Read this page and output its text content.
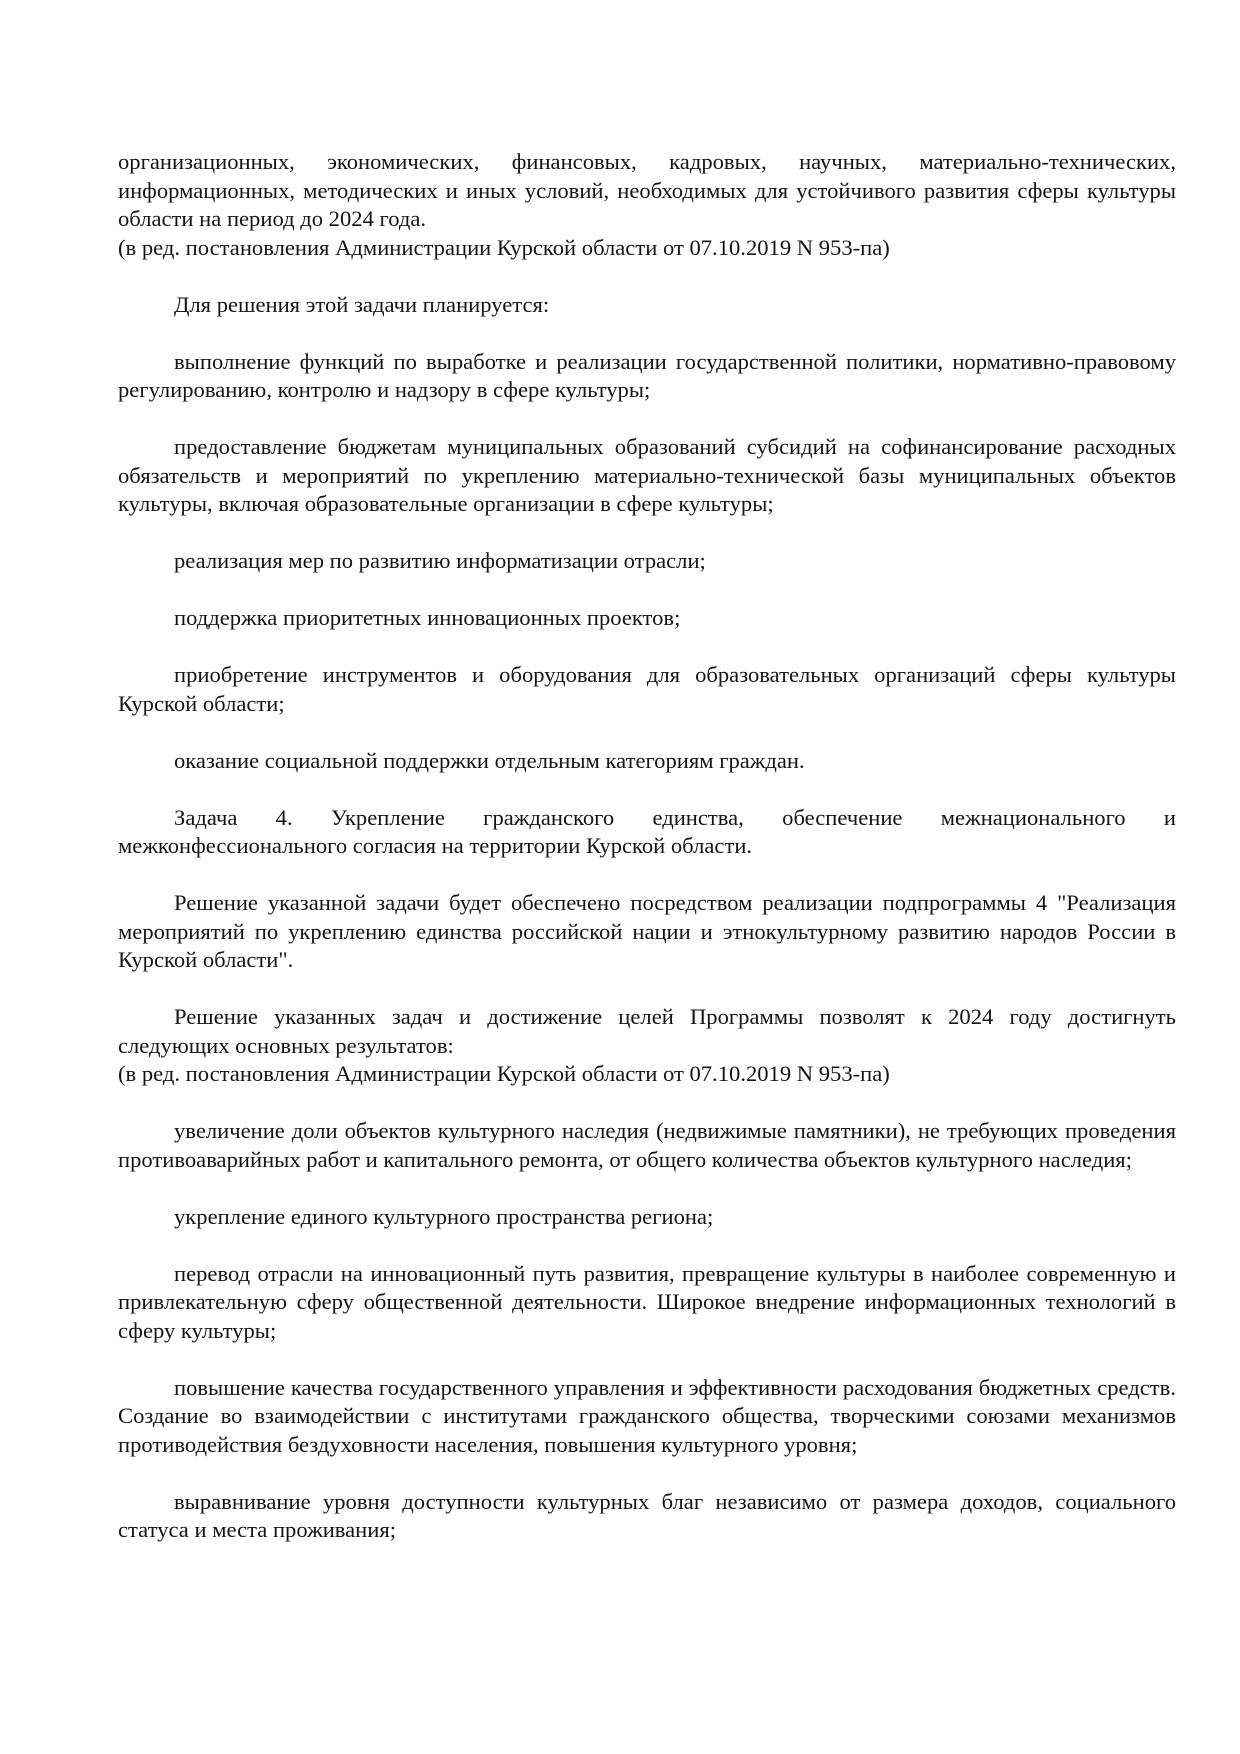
организационных, экономических, финансовых, кадровых, научных, материально-технических, информационных, методических и иных условий, необходимых для устойчивого развития сферы культуры области на период до 2024 года.

(в ред. постановления Администрации Курской области от 07.10.2019 N 953-па)

Для решения этой задачи планируется:

выполнение функций по выработке и реализации государственной политики, нормативно-правовому регулированию, контролю и надзору в сфере культуры;

предоставление бюджетам муниципальных образований субсидий на софинансирование расходных обязательств и мероприятий по укреплению материально-технической базы муниципальных объектов культуры, включая образовательные организации в сфере культуры;

реализация мер по развитию информатизации отрасли;

поддержка приоритетных инновационных проектов;

приобретение инструментов и оборудования для образовательных организаций сферы культуры Курской области;

оказание социальной поддержки отдельным категориям граждан.

Задача 4. Укрепление гражданского единства, обеспечение межнационального и межконфессионального согласия на территории Курской области.

Решение указанной задачи будет обеспечено посредством реализации подпрограммы 4 "Реализация мероприятий по укреплению единства российской нации и этнокультурному развитию народов России в Курской области".

Решение указанных задач и достижение целей Программы позволят к 2024 году достигнуть следующих основных результатов:

(в ред. постановления Администрации Курской области от 07.10.2019 N 953-па)

увеличение доли объектов культурного наследия (недвижимые памятники), не требующих проведения противоаварийных работ и капитального ремонта, от общего количества объектов культурного наследия;

укрепление единого культурного пространства региона;

перевод отрасли на инновационный путь развития, превращение культуры в наиболее современную и привлекательную сферу общественной деятельности. Широкое внедрение информационных технологий в сферу культуры;

повышение качества государственного управления и эффективности расходования бюджетных средств. Создание во взаимодействии с институтами гражданского общества, творческими союзами механизмов противодействия бездуховности населения, повышения культурного уровня;

выравнивание уровня доступности культурных благ независимо от размера доходов, социального статуса и места проживания;
